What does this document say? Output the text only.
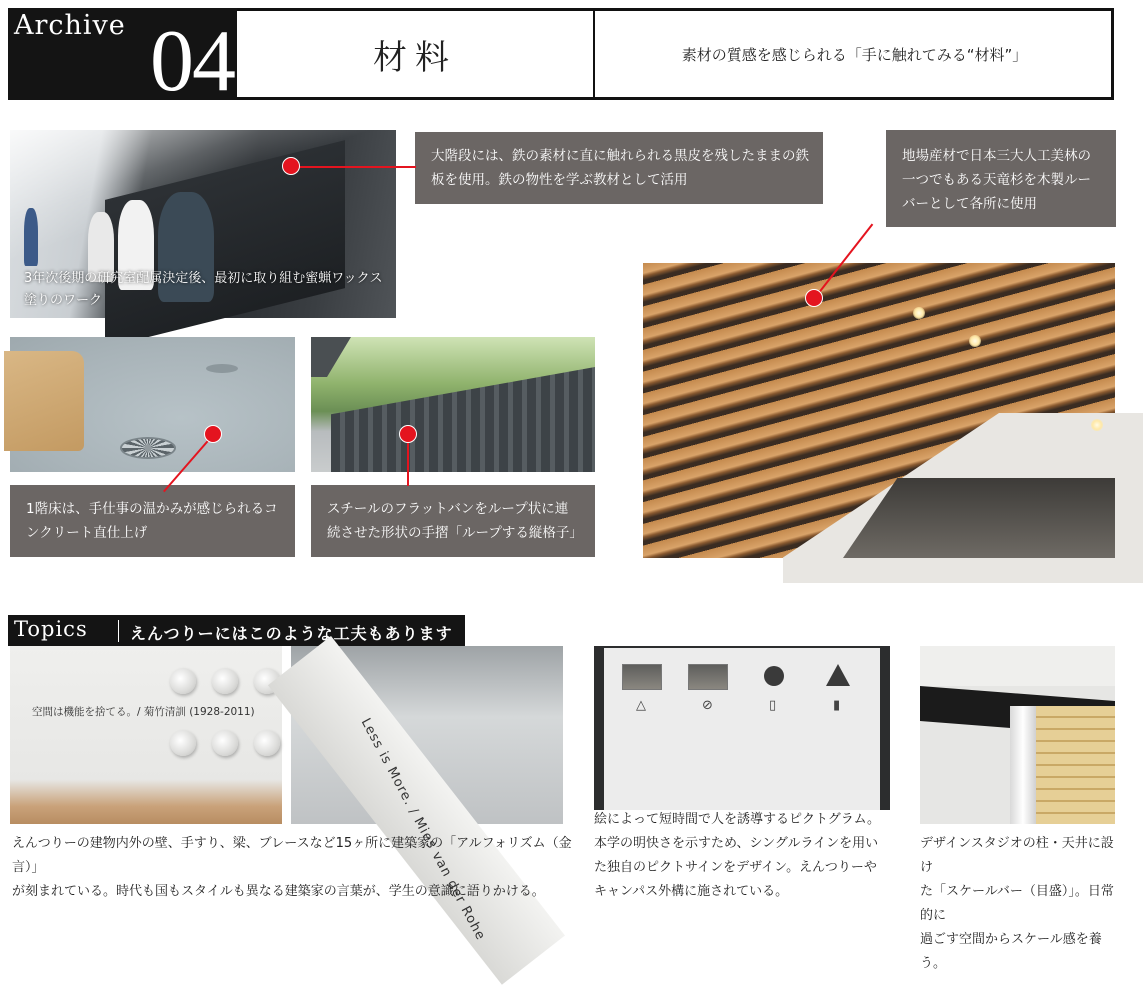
Archive 04	材料	素材の質感を感じられる「手に触れてみる“材料”」
3年次後期の研究室配属決定後、最初に取り組む蜜蝋ワックス
塗りのワーク
大階段には、鉄の素材に直に触れられる黒皮を残したままの鉄
板を使用。鉄の物性を学ぶ教材として活用
地場産材で日本三大人工美林の
一つでもある天竜杉を木製ルー
バーとして各所に使用
1階床は、手仕事の温かみが感じられるコ
ンクリート直仕上げ
スチールのフラットバンをループ状に連
続させた形状の手摺「ループする縦格子」
Topics	えんつりーにはこのような工夫もあります
空間は機能を捨てる。/ 菊竹清訓 (1928-2011)
Less is More. / Mies van der Rohe
△	⊘	▯	▮
えんつりーの建物内外の壁、手すり、梁、ブレースなど15ヶ所に建築家の「アルフォリズム（金言）」
が刻まれている。時代も国もスタイルも異なる建築家の言葉が、学生の意識に語りかける。
絵によって短時間で人を誘導するピクトグラム。
本学の明快さを示すため、シングルラインを用い
た独自のピクトサインをデザイン。えんつりーや
キャンパス外構に施されている。
デザインスタジオの柱・天井に設け
た「スケールバー（目盛）」。日常的に
過ごす空間からスケール感を養う。
